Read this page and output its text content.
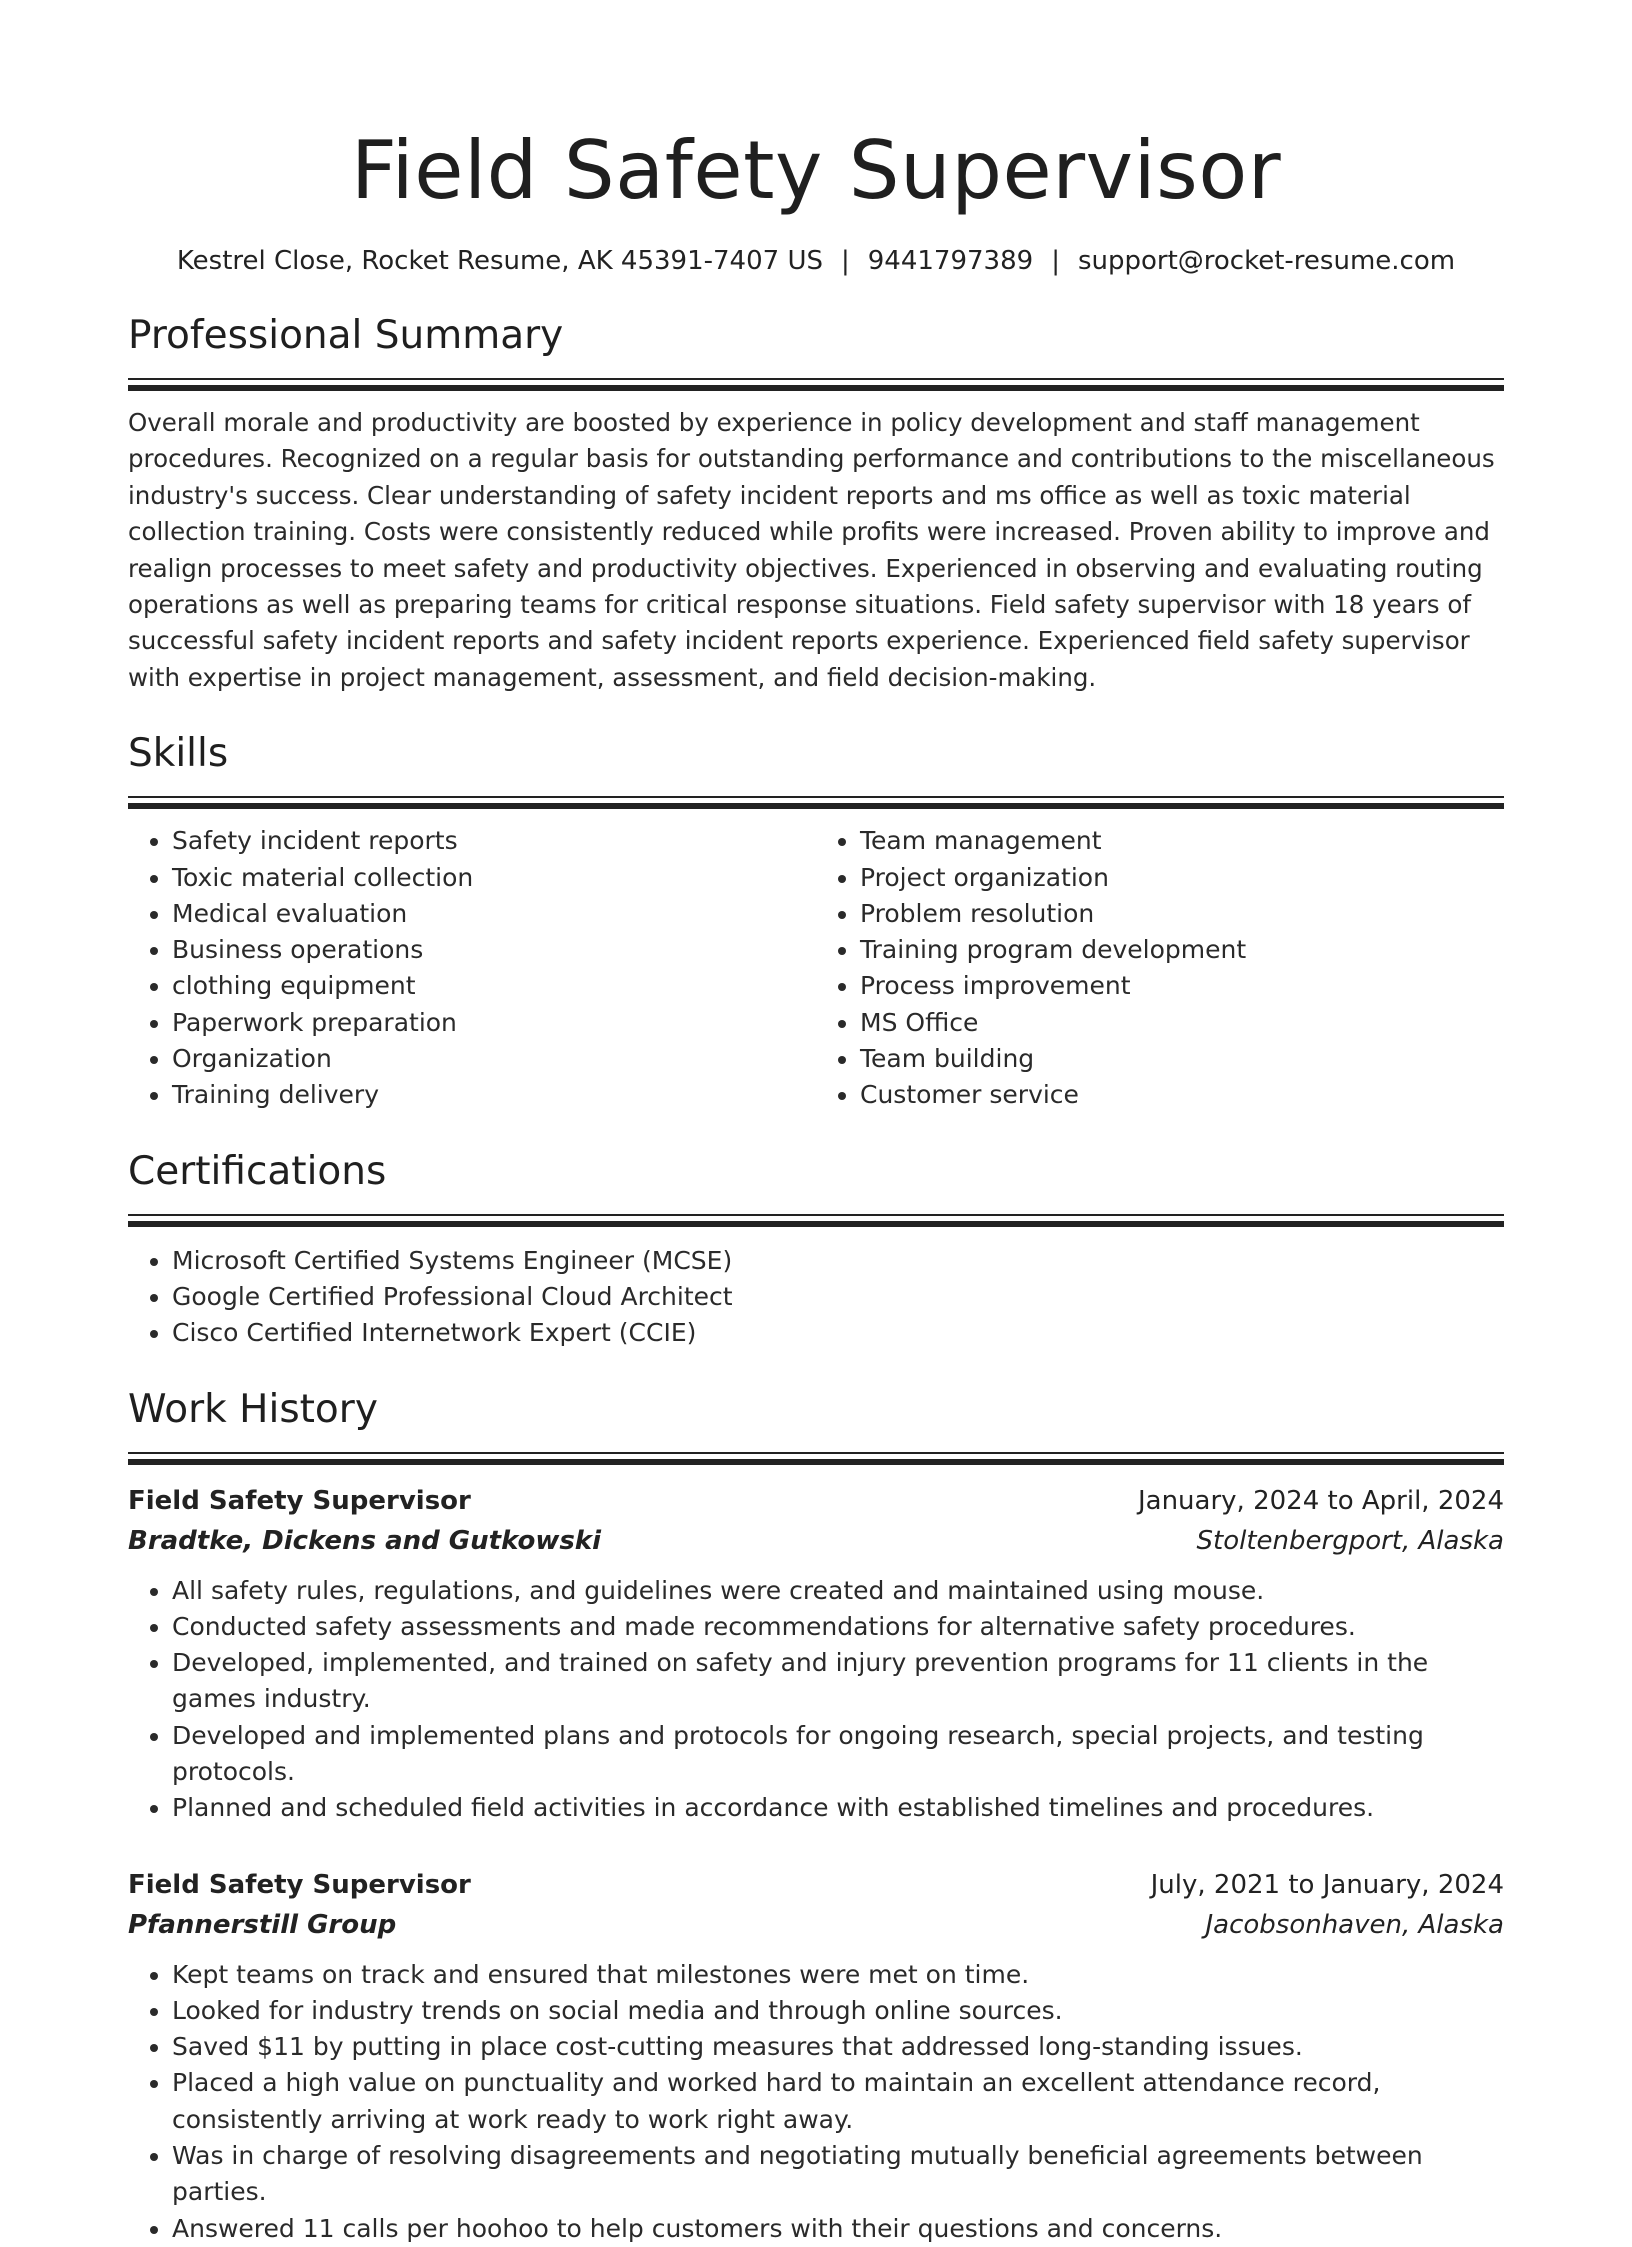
Field Safety Supervisor
Kestrel Close, Rocket Resume, AK 45391-7407 US | 9441797389 | support@rocket-resume.com
Professional Summary

Overall morale and productivity are boosted by experience in policy development and staff management procedures. Recognized on a regular basis for outstanding performance and contributions to the miscellaneous industry's success. Clear understanding of safety incident reports and ms office as well as toxic material collection training. Costs were consistently reduced while profits were increased. Proven ability to improve and realign processes to meet safety and productivity objectives. Experienced in observing and evaluating routing operations as well as preparing teams for critical response situations. Field safety supervisor with 18 years of successful safety incident reports and safety incident reports experience. Experienced field safety supervisor with expertise in project management, assessment, and field decision-making.

Skills
• Safety incident reports
• Toxic material collection
• Medical evaluation
• Business operations
• clothing equipment
• Paperwork preparation
• Organization
• Training delivery
• Team management
• Project organization
• Problem resolution
• Training program development
• Process improvement
• MS Office
• Team building
• Customer service
Certifications
• Microsoft Certified Systems Engineer (MCSE)
• Google Certified Professional Cloud Architect
• Cisco Certified Internetwork Expert (CCIE)
Work History
Field Safety Supervisor	January, 2024 to April, 2024
Bradtke, Dickens and Gutkowski	Stoltenbergport, Alaska
• All safety rules, regulations, and guidelines were created and maintained using mouse.
• Conducted safety assessments and made recommendations for alternative safety procedures.
• Developed, implemented, and trained on safety and injury prevention programs for 11 clients in the games industry.
• Developed and implemented plans and protocols for ongoing research, special projects, and testing protocols.
• Planned and scheduled field activities in accordance with established timelines and procedures.
Field Safety Supervisor	July, 2021 to January, 2024
Pfannerstill Group	Jacobsonhaven, Alaska
• Kept teams on track and ensured that milestones were met on time.
• Looked for industry trends on social media and through online sources.
• Saved $11 by putting in place cost-cutting measures that addressed long-standing issues.
• Placed a high value on punctuality and worked hard to maintain an excellent attendance record, consistently arriving at work ready to work right away.
• Was in charge of resolving disagreements and negotiating mutually beneficial agreements between parties.
• Answered 11 calls per hoohoo to help customers with their questions and concerns.
